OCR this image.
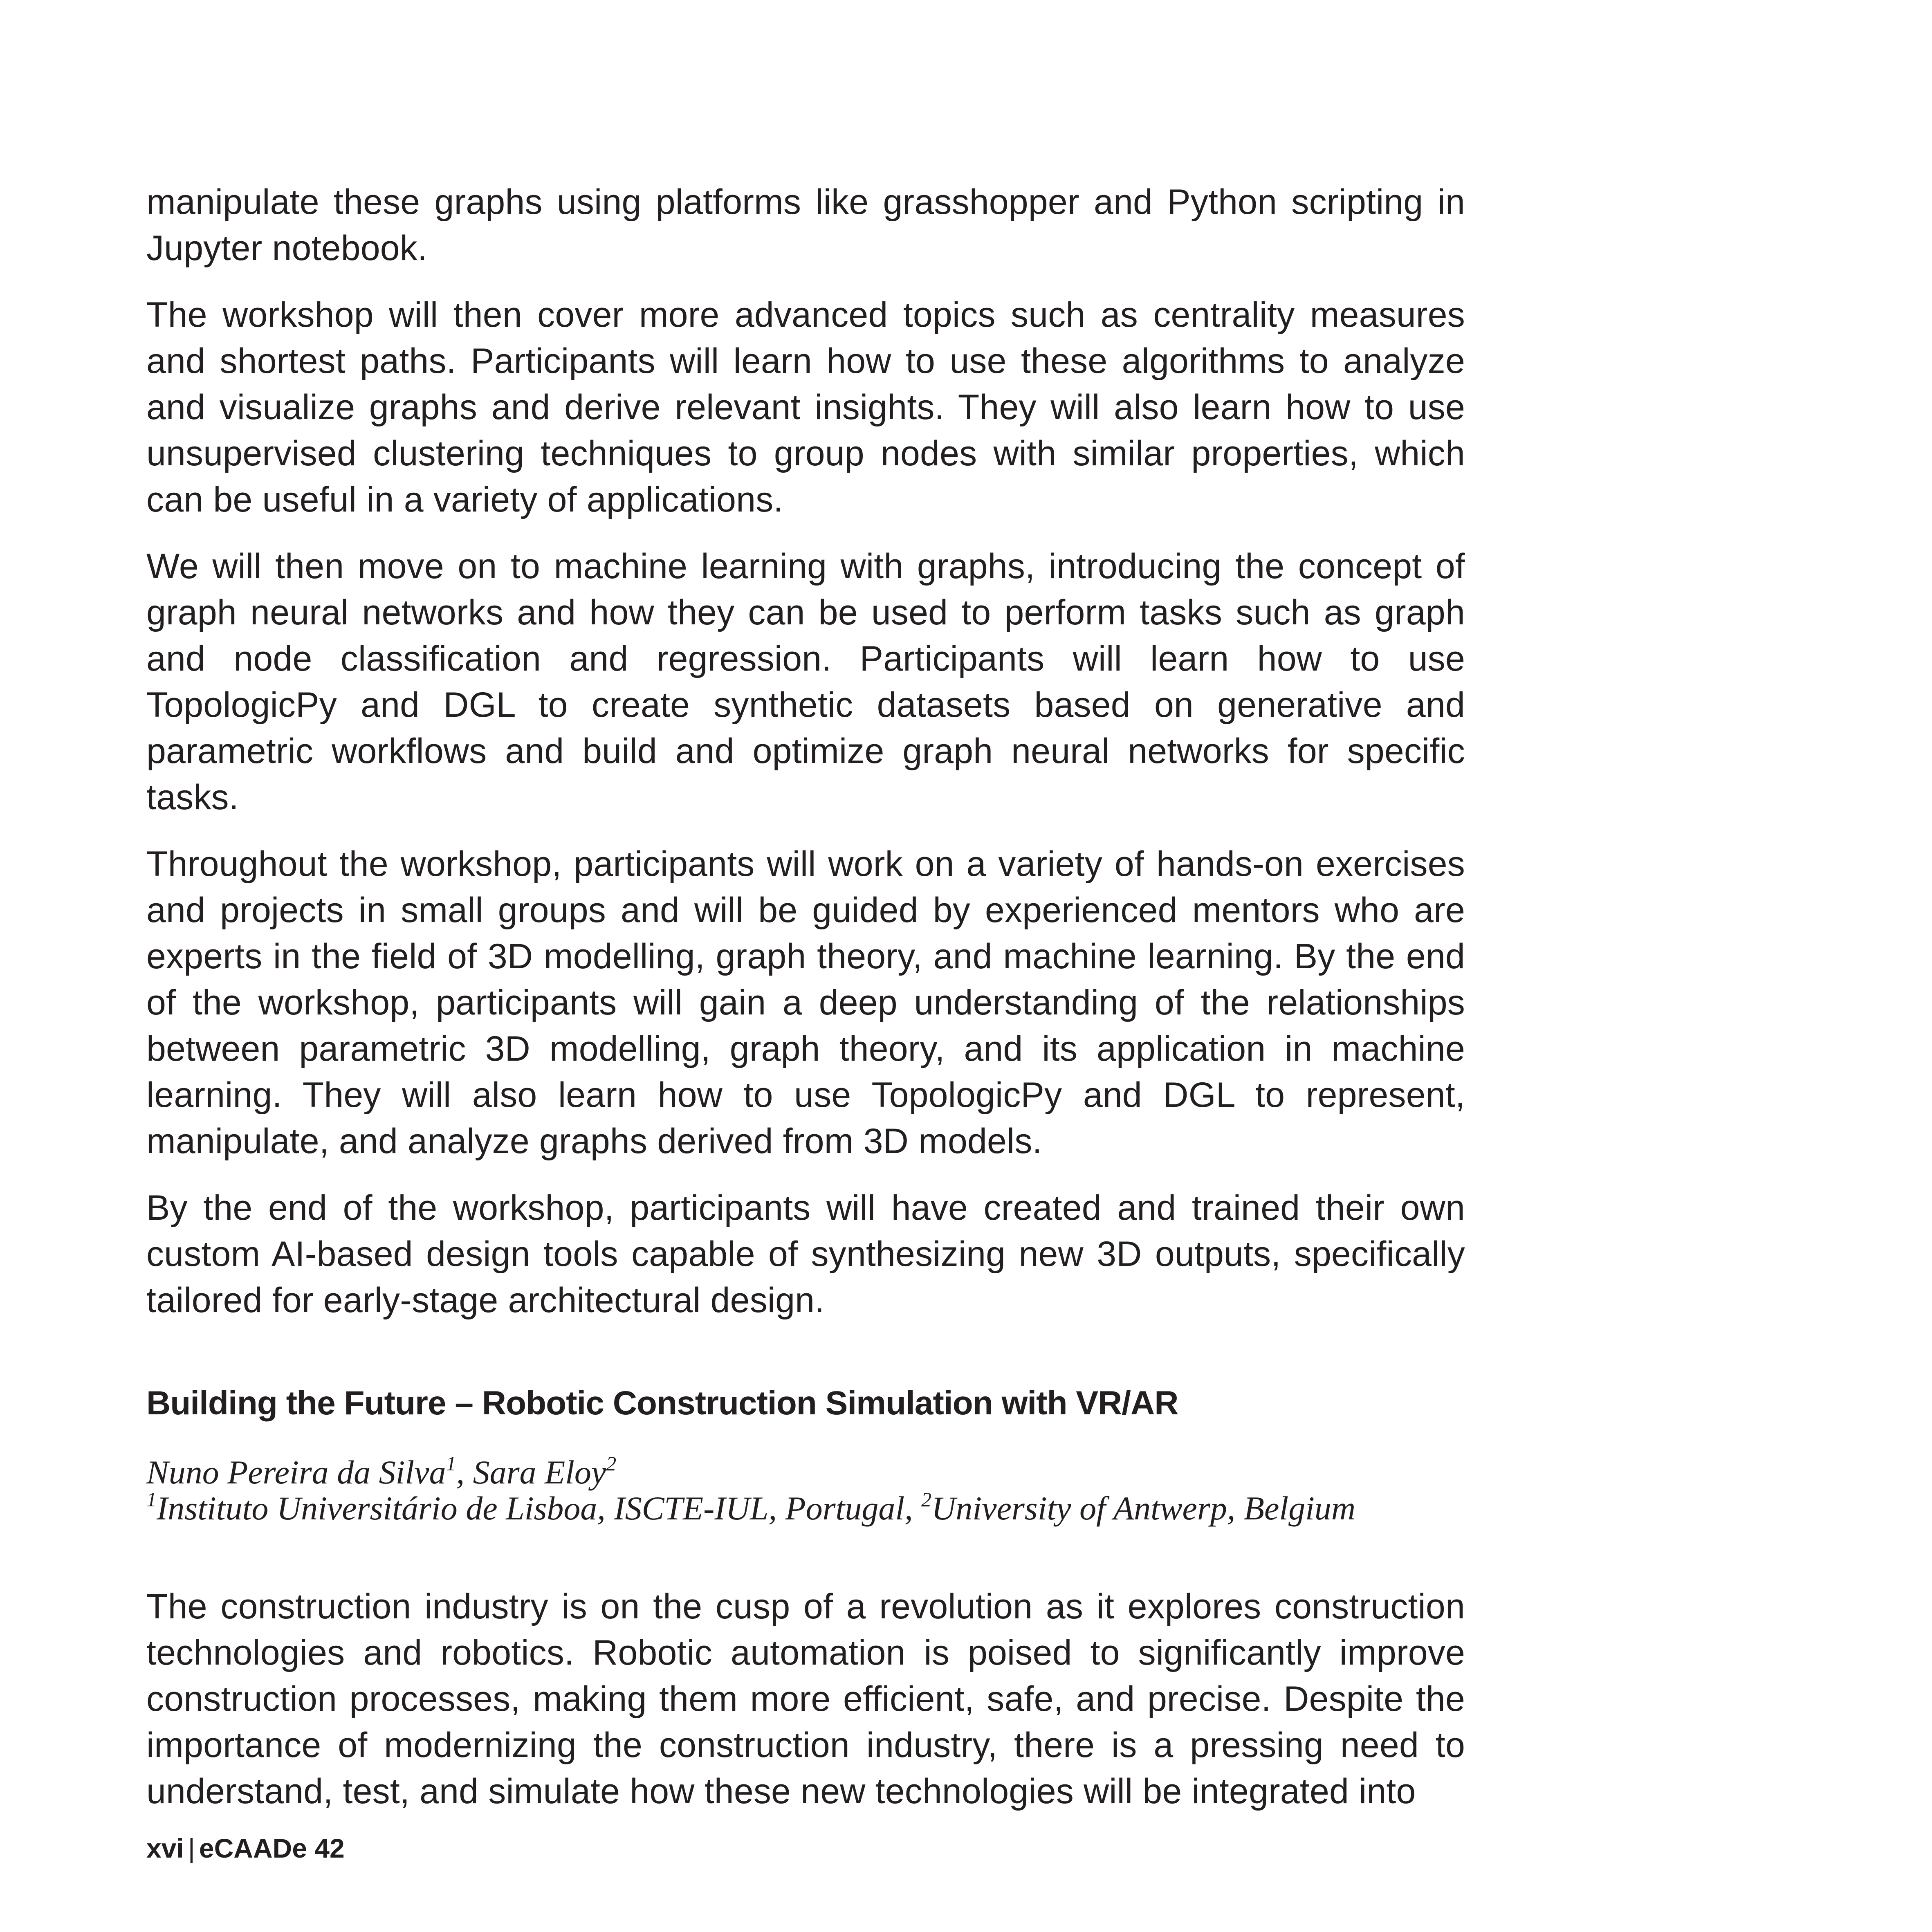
manipulate these graphs using platforms like grasshopper and Python scripting in Jupyter notebook.

The workshop will then cover more advanced topics such as centrality measures and shortest paths. Participants will learn how to use these algorithms to analyze and visualize graphs and derive relevant insights. They will also learn how to use unsupervised clustering techniques to group nodes with similar properties, which can be useful in a variety of applications.

We will then move on to machine learning with graphs, introducing the concept of graph neural networks and how they can be used to perform tasks such as graph and node classification and regression. Participants will learn how to use TopologicPy and DGL to create synthetic datasets based on generative and parametric workflows and build and optimize graph neural networks for specific tasks.

Throughout the workshop, participants will work on a variety of hands-on exercises and projects in small groups and will be guided by experienced mentors who are experts in the field of 3D modelling, graph theory, and machine learning. By the end of the workshop, participants will gain a deep understanding of the relationships between parametric 3D modelling, graph theory, and its application in machine learning. They will also learn how to use TopologicPy and DGL to represent, manipulate, and analyze graphs derived from 3D models.

By the end of the workshop, participants will have created and trained their own custom AI-based design tools capable of synthesizing new 3D outputs, specifically tailored for early-stage architectural design.

Building the Future – Robotic Construction Simulation with VR/AR

Nuno Pereira da Silva$^1$, Sara Eloy$^2$

$^1$Instituto Universitário de Lisboa, ISCTE-IUL, Portugal, $^2$University of Antwerp, Belgium

The construction industry is on the cusp of a revolution as it explores construction technologies and robotics. Robotic automation is poised to significantly improve construction processes, making them more efficient, safe, and precise. Despite the importance of modernizing the construction industry, there is a pressing need to understand, test, and simulate how these new technologies will be integrated into

xvi | eCAADe 42
